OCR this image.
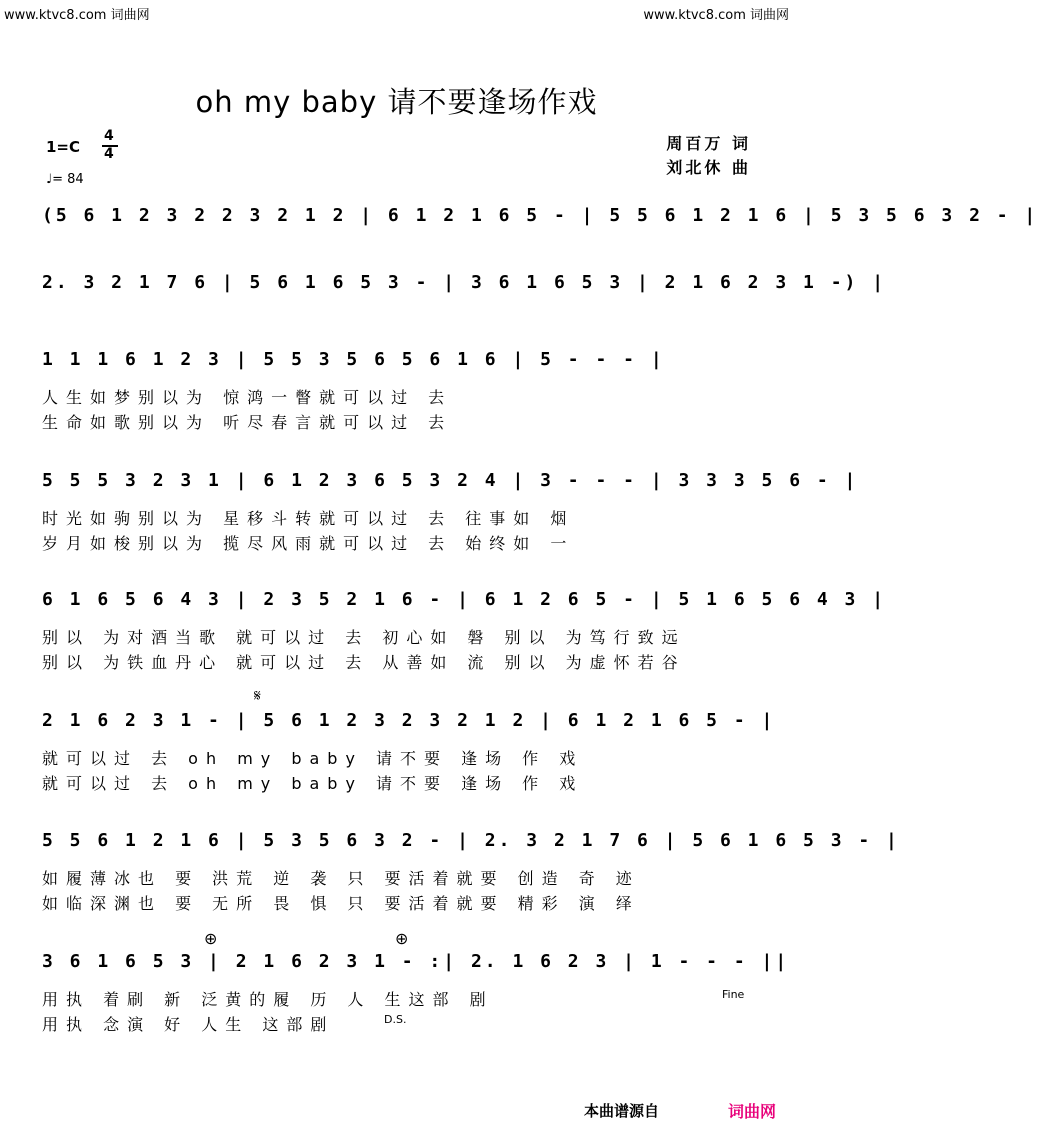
www.ktvc8.com 词曲网	www.ktvc8.com 词曲网
oh my baby 请不要逢场作戏
周百万 词
刘北休 曲
1=C
4
4
♩= 84
(5 6 1 2 3 2 2 3 2 1 2 | 6 1 2 1 6 5 - | 5 5 6 1 2 1 6 | 5 3 5 6 3 2 - |
2. 3 2 1 7 6 | 5 6 1 6 5 3 - | 3 6 1 6 5 3 | 2 1 6 2 3 1 -) |
1 1 1 6 1 2 3 | 5 5 3 5 6 5 6 1 6 | 5 - - - |
人生如梦别以为 惊鸿一瞥就可以过 去
生命如歌别以为 听尽春言就可以过 去
5 5 5 3 2 3 1 | 6 1 2 3 6 5 3 2 4 | 3 - - - | 3 3 3 5 6 - |
时光如驹别以为 星移斗转就可以过 去 往事如 烟
岁月如梭别以为 揽尽风雨就可以过 去 始终如 一
6 1 6 5 6 4 3 | 2 3 5 2 1 6 - | 6 1 2 6 5 - | 5 1 6 5 6 4 3 |
别以 为对酒当歌 就可以过 去 初心如 磐 别以 为笃行致远
别以 为铁血丹心 就可以过 去 从善如 流 别以 为虚怀若谷
𝄋
2 1 6 2 3 1 - | 5 6 1 2 3 2 3 2 1 2 | 6 1 2 1 6 5 - |
就可以过 去 oh my baby 请不要 逢场 作 戏
就可以过 去 oh my baby 请不要 逢场 作 戏
5 5 6 1 2 1 6 | 5 3 5 6 3 2 - | 2. 3 2 1 7 6 | 5 6 1 6 5 3 - |
如履薄冰也 要 洪荒 逆 袭 只 要活着就要 创造 奇 迹
如临深渊也 要 无所 畏 惧 只 要活着就要 精彩 演 绎
⊕	⊕
3 6 1 6 5 3 | 2 1 6 2 3 1 - :| 2. 1 6 2 3 | 1 - - - ||
用执 着刷 新 泛黄的履 历 人 生这部 剧
用执 念演 好 人生 这部剧
Fine
D.S.
本曲谱源自	词曲网
